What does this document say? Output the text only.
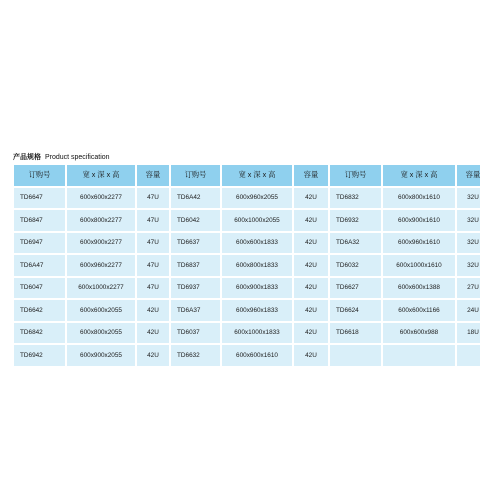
产品规格 Product specification
订购号	宽 x 深 x 高	容量	订购号	宽 x 深 x 高	容量	订购号	宽 x 深 x 高	容量
TD6647	600x600x2277	47U	TD6A42	600x960x2055	42U	TD6832	600x800x1610	32U
TD6847	600x800x2277	47U	TD6042	600x1000x2055	42U	TD6932	600x900x1610	32U
TD6947	600x900x2277	47U	TD6637	600x600x1833	42U	TD6A32	600x960x1610	32U
TD6A47	600x960x2277	47U	TD6837	600x800x1833	42U	TD6032	600x1000x1610	32U
TD6047	600x1000x2277	47U	TD6937	600x900x1833	42U	TD6627	600x600x1388	27U
TD6642	600x600x2055	42U	TD6A37	600x960x1833	42U	TD6624	600x600x1166	24U
TD6842	600x800x2055	42U	TD6037	600x1000x1833	42U	TD6618	600x600x988	18U
TD6942	600x900x2055	42U	TD6632	600x600x1610	42U			
